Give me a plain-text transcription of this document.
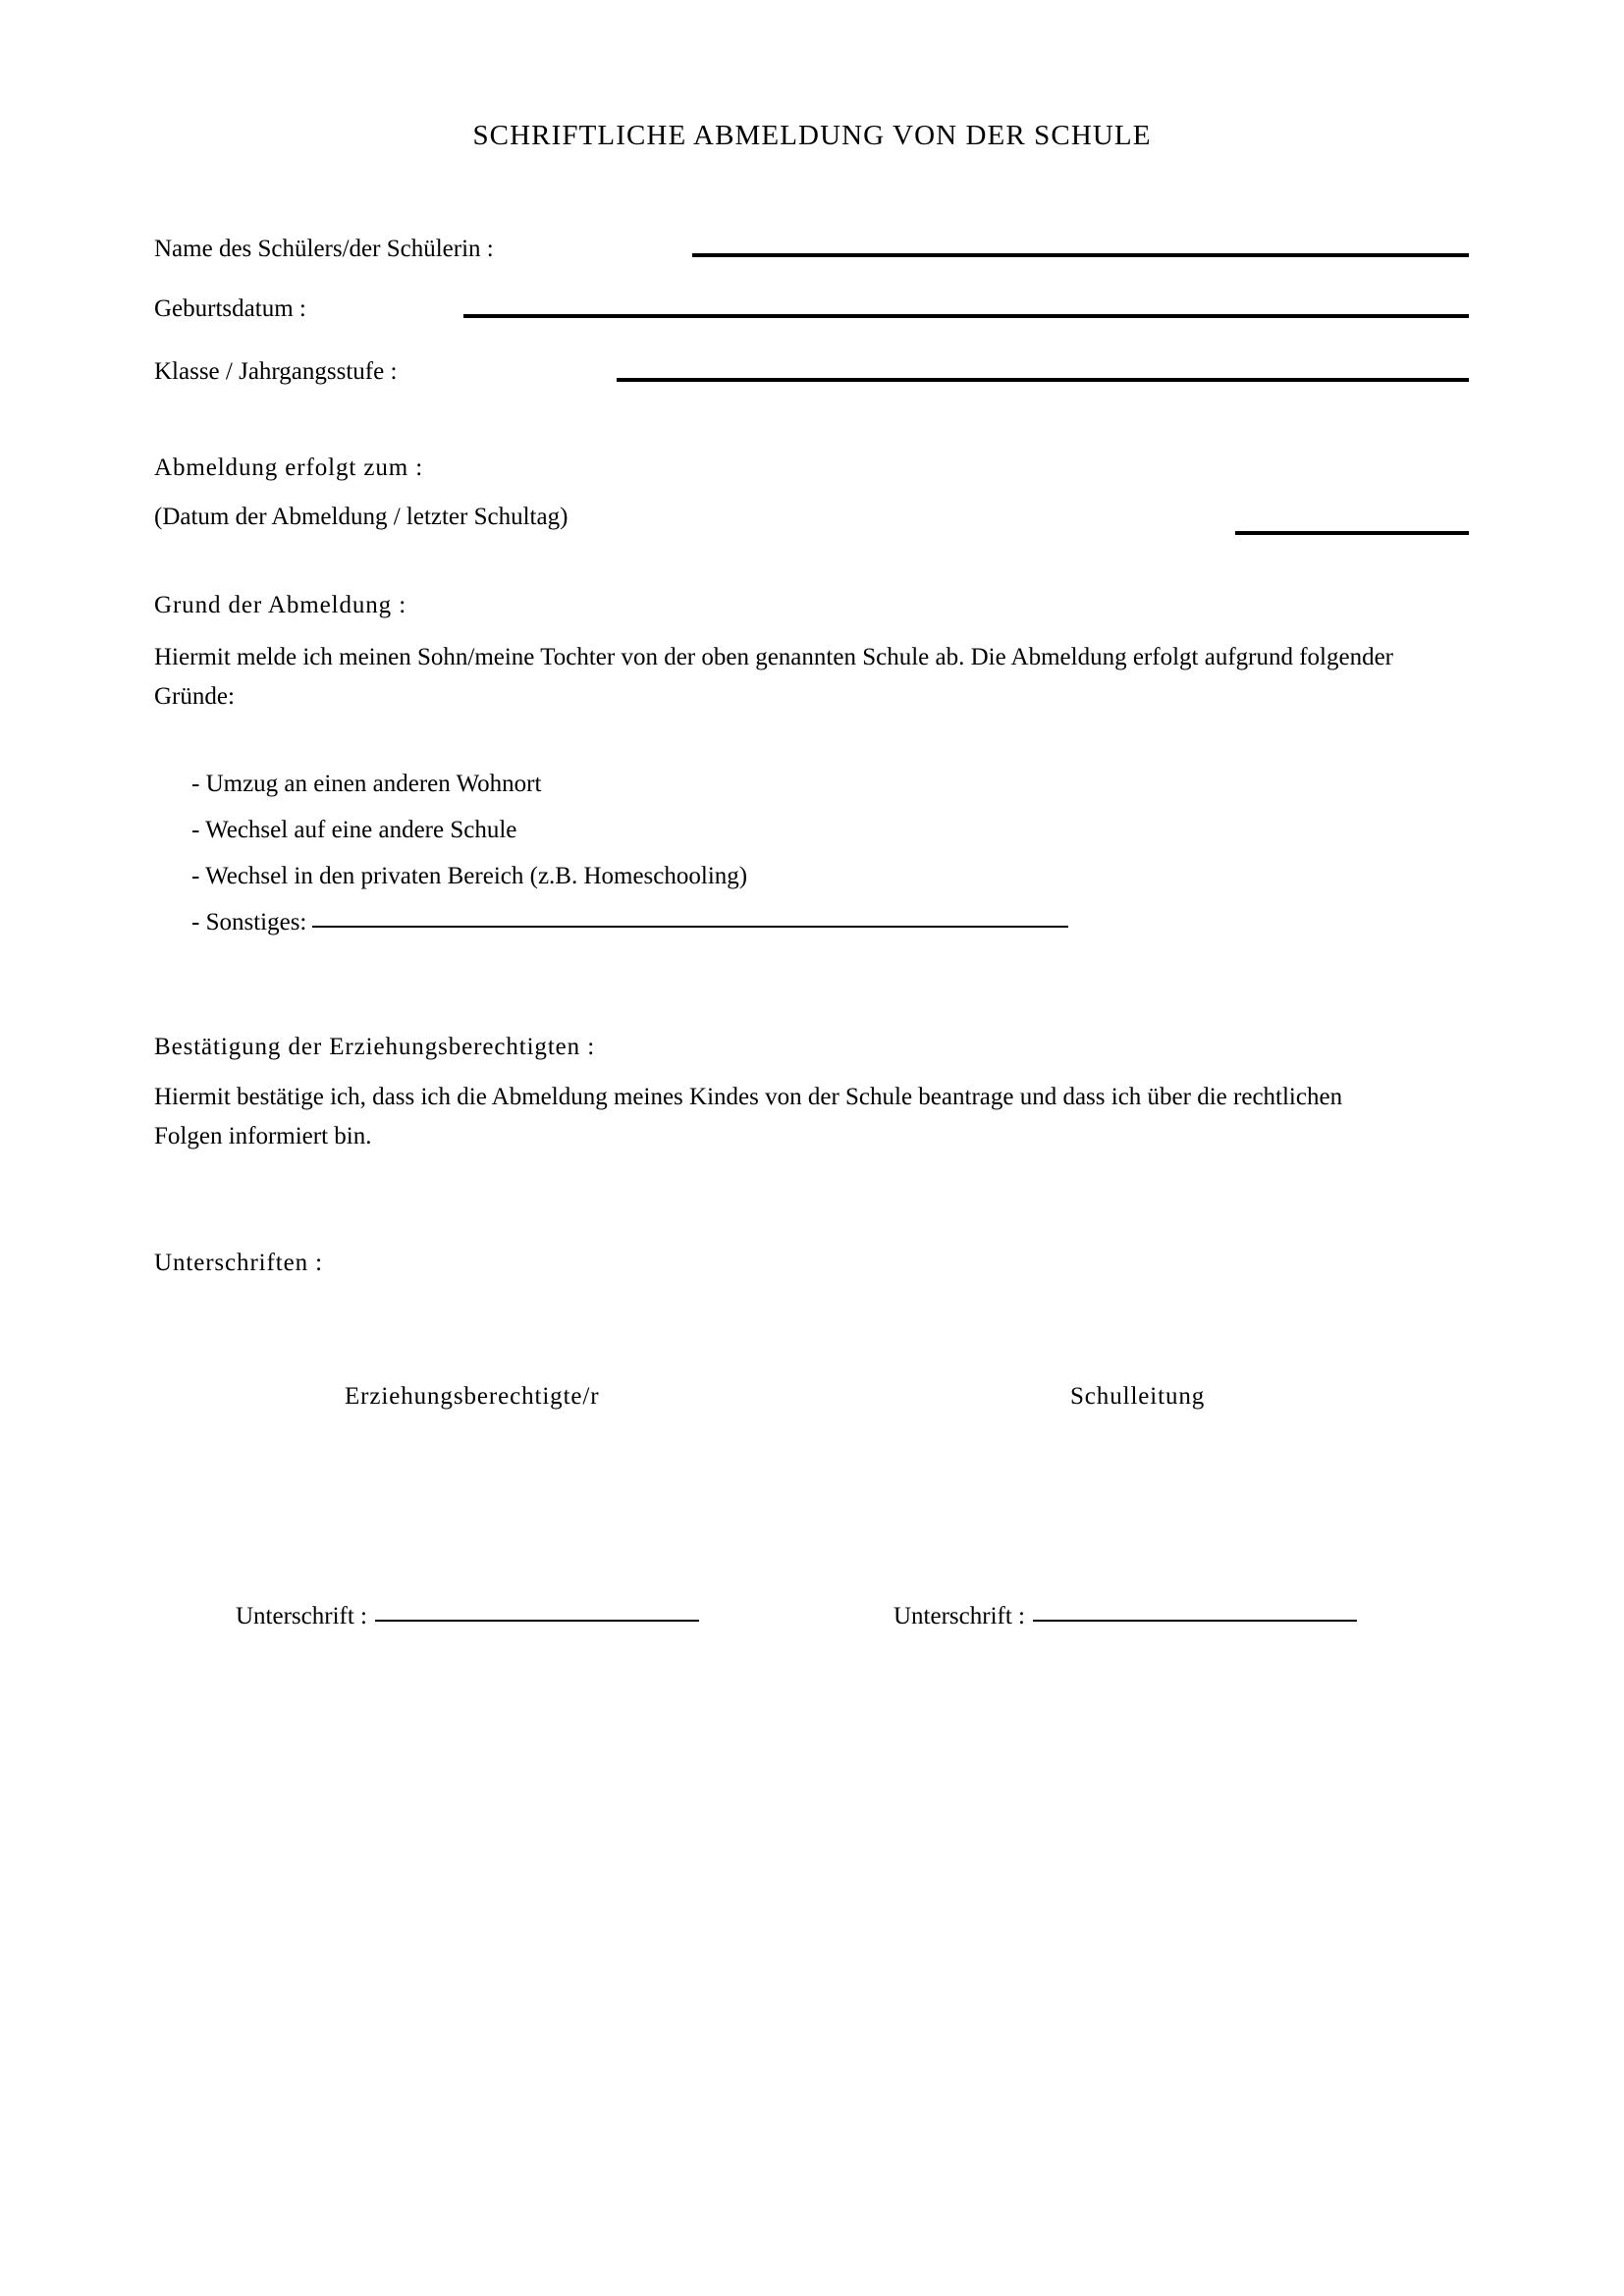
SCHRIFTLICHE ABMELDUNG VON DER SCHULE
Name des Schülers/der Schülerin :
Geburtsdatum :
Klasse / Jahrgangsstufe :
Abmeldung erfolgt zum :
(Datum der Abmeldung / letzter Schultag)
Grund der Abmeldung :
Hiermit melde ich meinen Sohn/meine Tochter von der oben genannten Schule ab. Die Abmeldung erfolgt aufgrund folgender Gründe:
- Umzug an einen anderen Wohnort
- Wechsel auf eine andere Schule
- Wechsel in den privaten Bereich (z.B. Homeschooling)
- Sonstiges:
Bestätigung der Erziehungsberechtigten :
Hiermit bestätige ich, dass ich die Abmeldung meines Kindes von der Schule beantrage und dass ich über die rechtlichen Folgen informiert bin.
Unterschriften :
Erziehungsberechtigte/r	Schulleitung
Unterschrift :	Unterschrift :
